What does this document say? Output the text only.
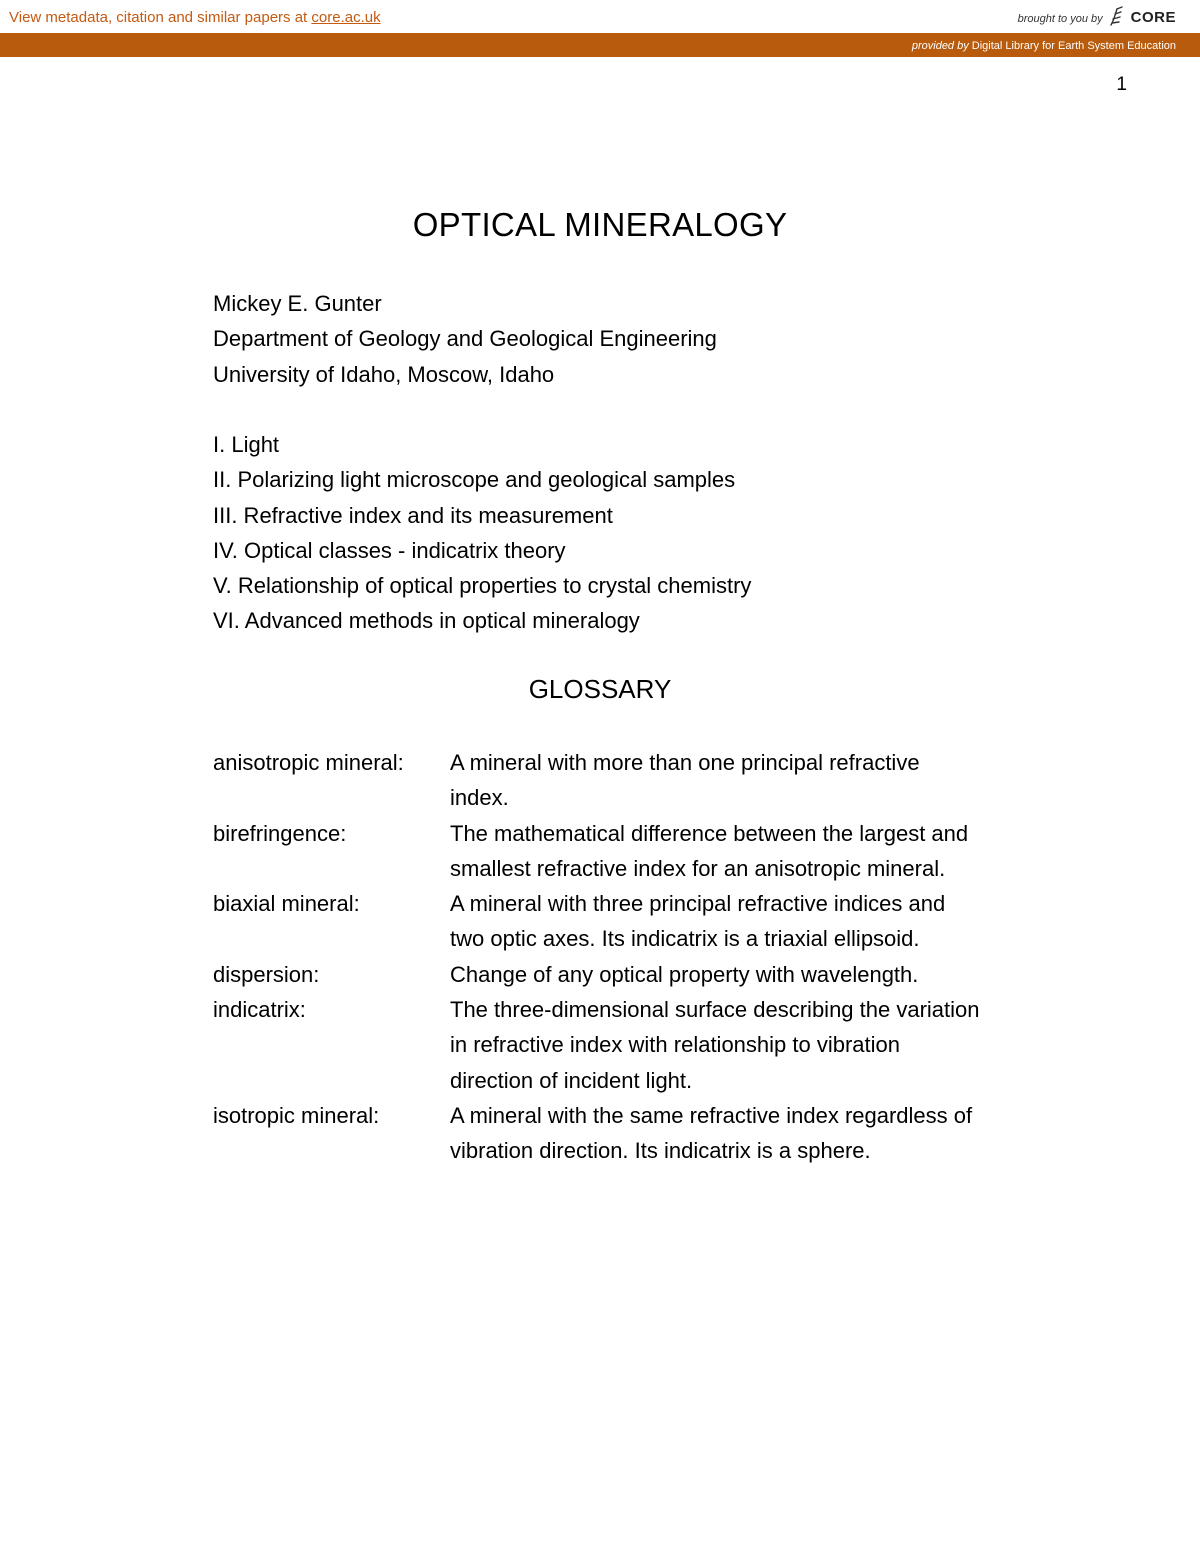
View metadata, citation and similar papers at core.ac.uk	brought to you by CORE
provided by Digital Library for Earth System Education
1
OPTICAL MINERALOGY
Mickey E. Gunter
Department of Geology and Geological Engineering
University of Idaho, Moscow, Idaho
I. Light
II. Polarizing light microscope and geological samples
III. Refractive index and its measurement
IV. Optical classes - indicatrix theory
V. Relationship of optical properties to crystal chemistry
VI. Advanced methods in optical mineralogy
GLOSSARY
anisotropic mineral:	A mineral with more than one principal refractive index.
birefringence:	The mathematical difference between the largest and smallest refractive index for an anisotropic mineral.
biaxial mineral:	A mineral with three principal refractive indices and two optic axes. Its indicatrix is a triaxial ellipsoid.
dispersion:	Change of any optical property with wavelength.
indicatrix:	The three-dimensional surface describing the variation in refractive index with relationship to vibration direction of incident light.
isotropic mineral:	A mineral with the same refractive index regardless of vibration direction. Its indicatrix is a sphere.
